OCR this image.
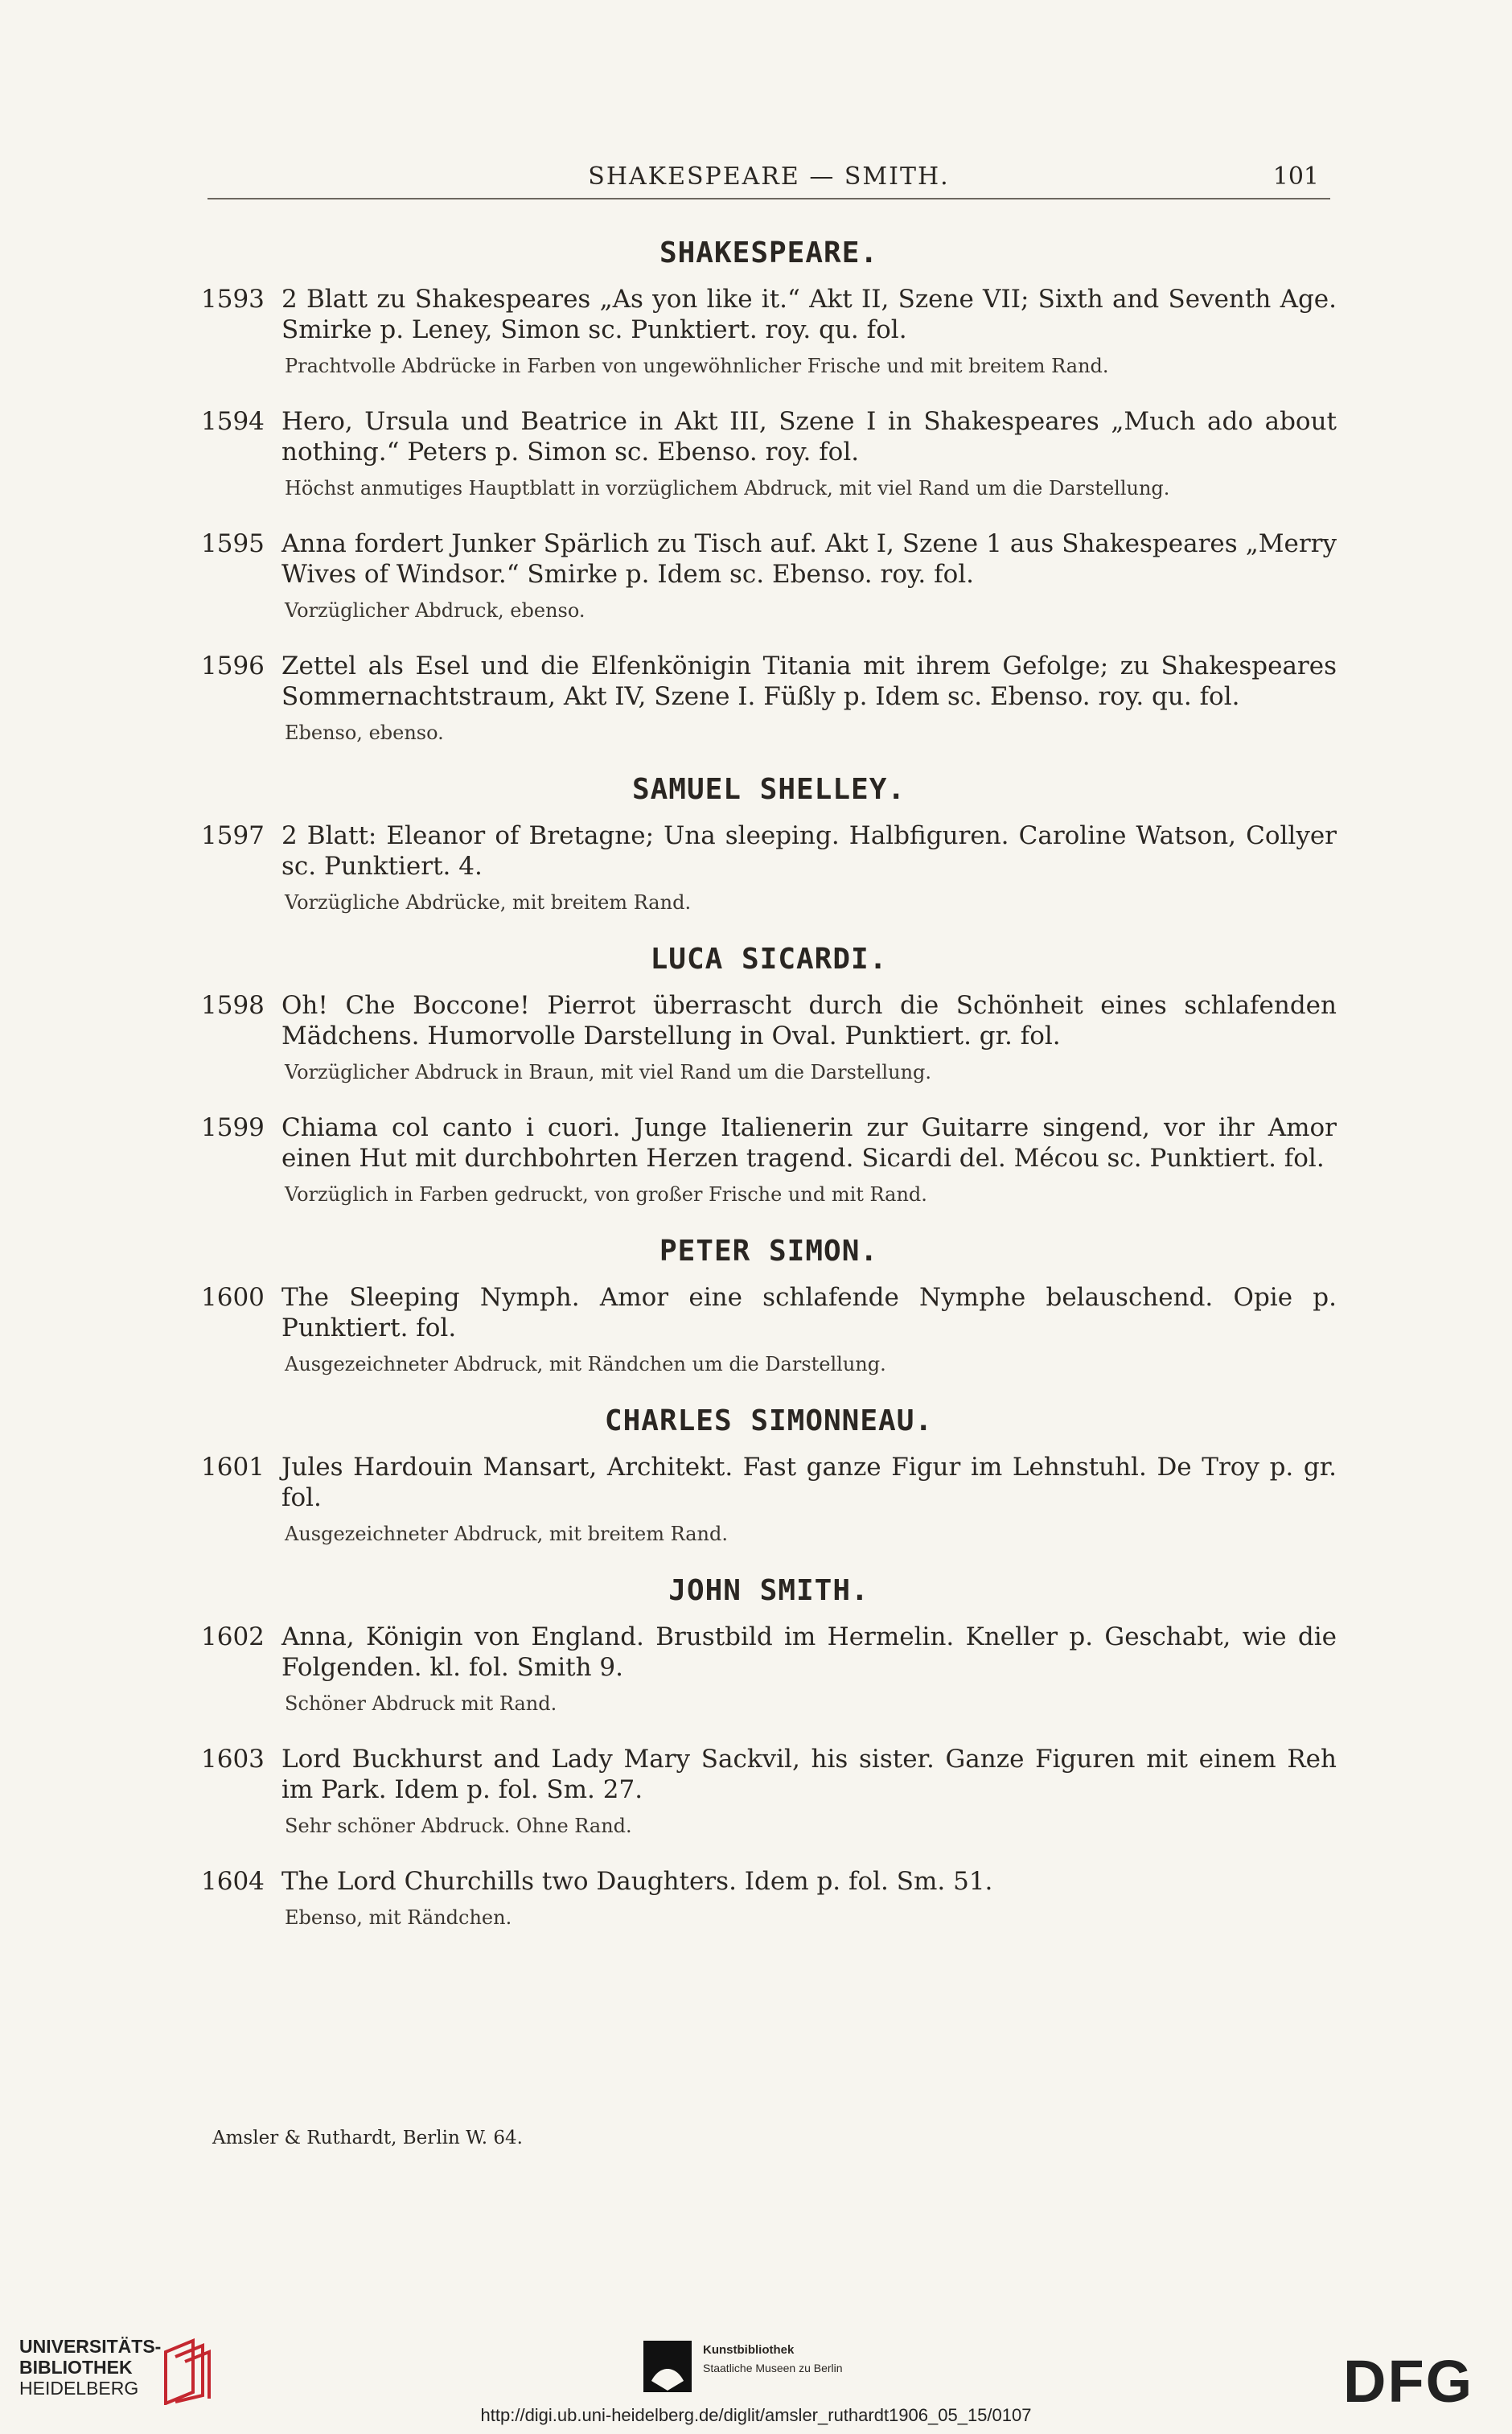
SHAKESPEARE — SMITH.	101
SHAKESPEARE.
1593 2 Blatt zu Shakespeares „As yon like it.“ Akt II, Szene VII; Sixth and Seventh Age. Smirke p. Leney, Simon sc. Punktiert. roy. qu. fol.
Prachtvolle Abdrücke in Farben von ungewöhnlicher Frische und mit breitem Rand.
1594 Hero, Ursula und Beatrice in Akt III, Szene I in Shakespeares „Much ado about nothing.“ Peters p. Simon sc. Ebenso. roy. fol.
Höchst anmutiges Hauptblatt in vorzüglichem Abdruck, mit viel Rand um die Darstellung.
1595 Anna fordert Junker Spärlich zu Tisch auf. Akt I, Szene 1 aus Shakespeares „Merry Wives of Windsor.“ Smirke p. Idem sc. Ebenso. roy. fol.
Vorzüglicher Abdruck, ebenso.
1596 Zettel als Esel und die Elfenkönigin Titania mit ihrem Gefolge; zu Shakespeares Sommernachtstraum, Akt IV, Szene I. Füßly p. Idem sc. Ebenso. roy. qu. fol.
Ebenso, ebenso.
SAMUEL SHELLEY.
1597 2 Blatt: Eleanor of Bretagne; Una sleeping. Halbfiguren. Caroline Watson, Collyer sc. Punktiert. 4.
Vorzügliche Abdrücke, mit breitem Rand.
LUCA SICARDI.
1598 Oh! Che Boccone! Pierrot überrascht durch die Schönheit eines schlafenden Mädchens. Humorvolle Darstellung in Oval. Punktiert. gr. fol.
Vorzüglicher Abdruck in Braun, mit viel Rand um die Darstellung.
1599 Chiama col canto i cuori. Junge Italienerin zur Guitarre singend, vor ihr Amor einen Hut mit durchbohrten Herzen tragend. Sicardi del. Mécou sc. Punktiert. fol.
Vorzüglich in Farben gedruckt, von großer Frische und mit Rand.
PETER SIMON.
1600 The Sleeping Nymph. Amor eine schlafende Nymphe belauschend. Opie p. Punktiert. fol.
Ausgezeichneter Abdruck, mit Rändchen um die Darstellung.
CHARLES SIMONNEAU.
1601 Jules Hardouin Mansart, Architekt. Fast ganze Figur im Lehnstuhl. De Troy p. gr. fol.
Ausgezeichneter Abdruck, mit breitem Rand.
JOHN SMITH.
1602 Anna, Königin von England. Brustbild im Hermelin. Kneller p. Geschabt, wie die Folgenden. kl. fol. Smith 9.
Schöner Abdruck mit Rand.
1603 Lord Buckhurst and Lady Mary Sackvil, his sister. Ganze Figuren mit einem Reh im Park. Idem p. fol. Sm. 27.
Sehr schöner Abdruck. Ohne Rand.
1604 The Lord Churchills two Daughters. Idem p. fol. Sm. 51.
Ebenso, mit Rändchen.
Amsler & Ruthardt, Berlin W. 64.
UNIVERSITÄTS-
BIBLIOTHEK
HEIDELBERG
Kunstbibliothek
Staatliche Museen zu Berlin	DFG
http://digi.ub.uni-heidelberg.de/diglit/amsler_ruthardt1906_05_15/0107
